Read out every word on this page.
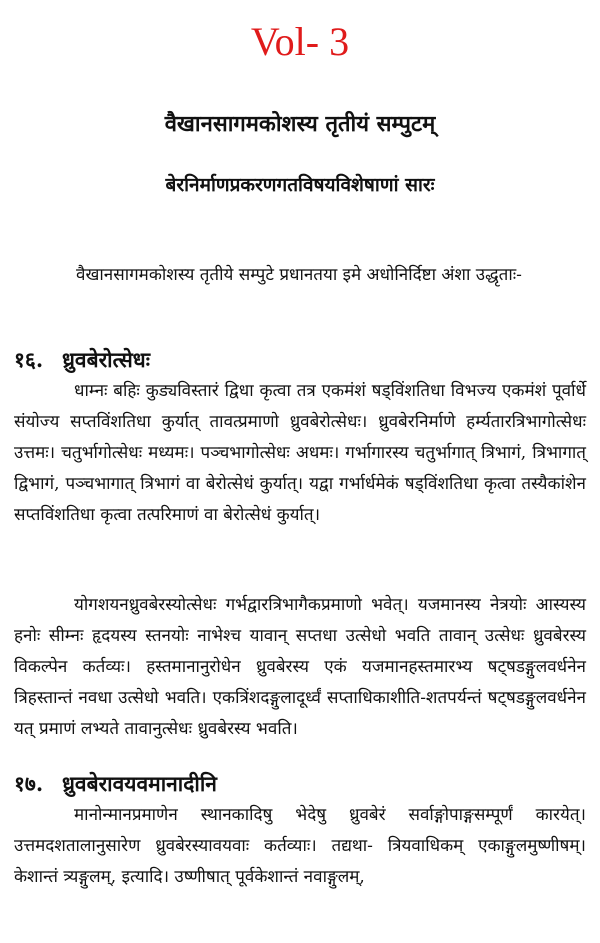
Vol- 3
वैखानसागमकोशस्य तृतीयं सम्पुटम्
बेरनिर्माणप्रकरणगतविषयविशेषाणां सारः
वैखानसागमकोशस्य तृतीये सम्पुटे प्रधानतया इमे अधोनिर्दिष्टा अंशा उद्धृताः-
१६. ध्रुवबेरोत्सेधः
धाम्नः बहिः कुड्यविस्तारं द्विधा कृत्वा तत्र एकमंशं षड्विंशतिधा विभज्य एकमंशं पूर्वार्धे संयोज्य सप्तविंशतिधा कुर्यात् तावत्प्रमाणो ध्रुवबेरोत्सेधः। ध्रुवबेरनिर्माणे हर्म्यतारत्रिभागोत्सेधः उत्तमः। चतुर्भागोत्सेधः मध्यमः। पञ्चभागोत्सेधः अधमः। गर्भागारस्य चतुर्भागात् त्रिभागं, त्रिभागात् द्विभागं, पञ्चभागात् त्रिभागं वा बेरोत्सेधं कुर्यात्। यद्वा गर्भार्धमेकं षड्विंशतिधा कृत्वा तस्यैकांशेन सप्तविंशतिधा कृत्वा तत्परिमाणं वा बेरोत्सेधं कुर्यात्।
योगशयनध्रुवबेरस्योत्सेधः गर्भद्वारत्रिभागैकप्रमाणो भवेत्। यजमानस्य नेत्रयोः आस्यस्य हनोः सीम्नः हृदयस्य स्तनयोः नाभेश्च यावान् सप्तधा उत्सेधो भवति तावान् उत्सेधः ध्रुवबेरस्य विकल्पेन कर्तव्यः। हस्तमानानुरोधेन ध्रुवबेरस्य एकं यजमानहस्तमारभ्य षट्षडङ्गुलवर्धनेन त्रिहस्तान्तं नवधा उत्सेधो भवति। एकत्रिंशदङ्गुलादूर्ध्वं सप्ताधिकाशीति-शतपर्यन्तं षट्षडङ्गुलवर्धनेन यत् प्रमाणं लभ्यते तावानुत्सेधः ध्रुवबेरस्य भवति।
१७. ध्रुवबेरावयवमानादीनि
मानोन्मानप्रमाणेन स्थानकादिषु भेदेषु ध्रुवबेरं सर्वाङ्गोपाङ्गसम्पूर्णं कारयेत्। उत्तमदशतालानुसारेण ध्रुवबेरस्यावयवाः कर्तव्याः। तद्यथा- त्रियवाधिकम् एकाङ्गुलमुष्णीषम्। केशान्तं त्र्यङ्गुलम्, इत्यादि। उष्णीषात् पूर्वकेशान्तं नवाङ्गुलम्,
